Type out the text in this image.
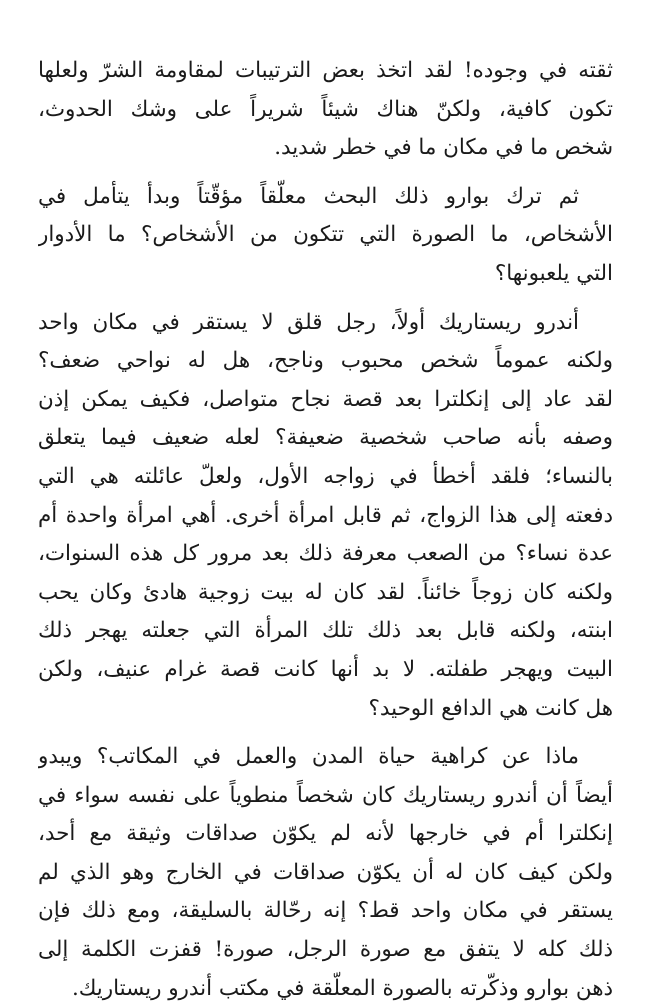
ثقته في وجوده! لقد اتخذ بعض الترتيبات لمقاومة الشرّ ولعلها
تكون كافية، ولكنّ هناك شيئاً شريراً على وشك الحدوث،
شخص ما في مكان ما في خطر شديد.

ثم ترك بوارو ذلك البحث معلّقاً مؤقّتاً وبدأ يتأمل في
الأشخاص، ما الصورة التي تتكون من الأشخاص؟ ما الأدوار
التي يلعبونها؟

أندرو ريستاريك أولاً، رجل قلق لا يستقر في مكان واحد
ولكنه عموماً شخص محبوب وناجح، هل له نواحي ضعف؟
لقد عاد إلى إنكلترا بعد قصة نجاح متواصل، فكيف يمكن إذن
وصفه بأنه صاحب شخصية ضعيفة؟ لعله ضعيف فيما يتعلق
بالنساء؛ فلقد أخطأ في زواجه الأول، ولعلّ عائلته هي التي
دفعته إلى هذا الزواج، ثم قابل امرأة أخرى. أهي امرأة واحدة أم
عدة نساء؟ من الصعب معرفة ذلك بعد مرور كل هذه السنوات،
ولكنه كان زوجاً خائناً. لقد كان له بيت زوجية هادئ وكان يحب
ابنته، ولكنه قابل بعد ذلك تلك المرأة التي جعلته يهجر ذلك
البيت ويهجر طفلته. لا بد أنها كانت قصة غرام عنيف، ولكن
هل كانت هي الدافع الوحيد؟

ماذا عن كراهية حياة المدن والعمل في المكاتب؟ ويبدو
أيضاً أن أندرو ريستاريك كان شخصاً منطوياً على نفسه سواء في
إنكلترا أم في خارجها لأنه لم يكوّن صداقات وثيقة مع أحد،
ولكن كيف كان له أن يكوّن صداقات في الخارج وهو الذي لم
يستقر في مكان واحد قط؟ إنه رحّالة بالسليقة، ومع ذلك فإن
ذلك كله لا يتفق مع صورة الرجل، صورة! قفزت الكلمة إلى
ذهن بوارو وذكّرته بالصورة المعلّقة في مكتب أندرو ريستاريك.
